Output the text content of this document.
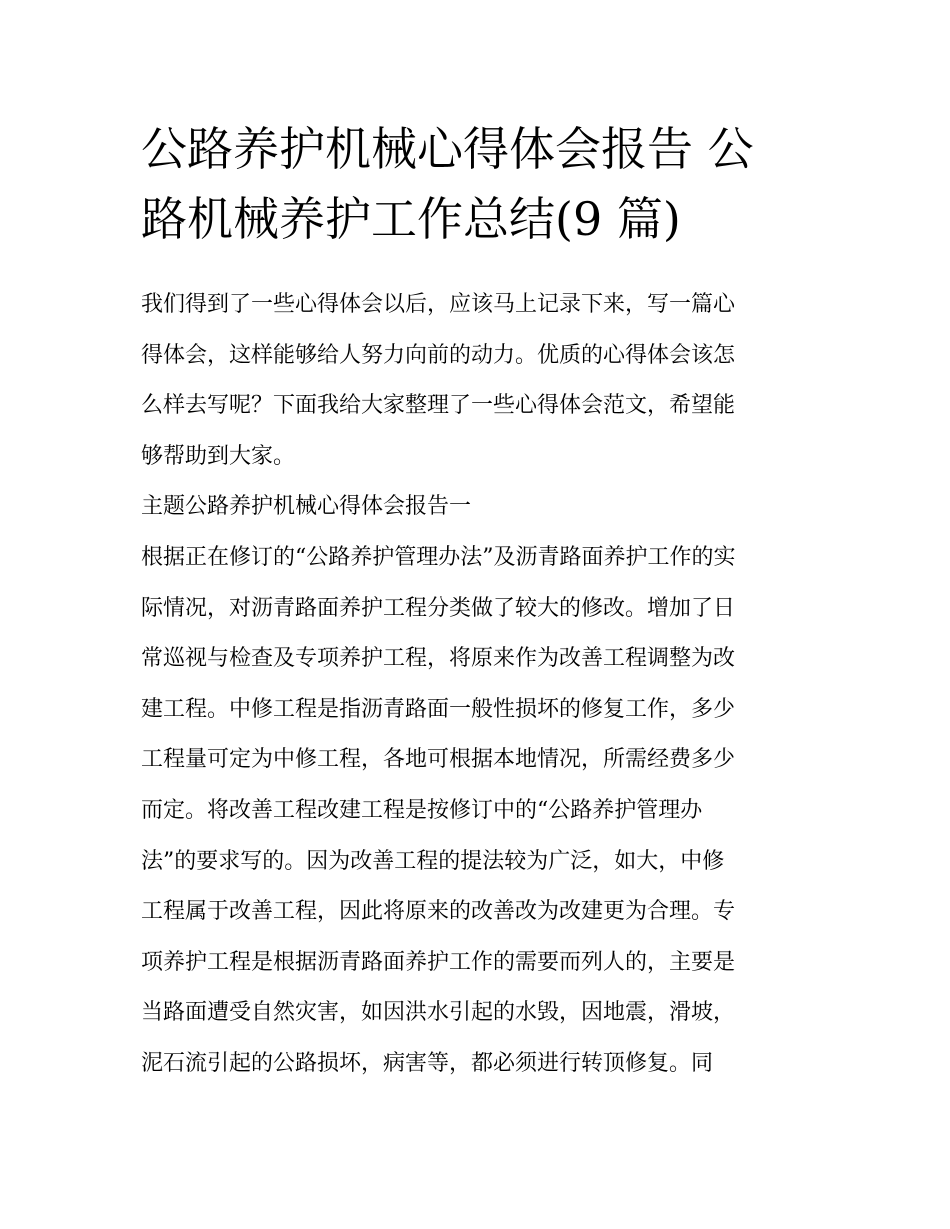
公路养护机械心得体会报告 公
路机械养护工作总结(9 篇)
我们得到了一些心得体会以后，应该马上记录下来，写一篇心
得体会，这样能够给人努力向前的动力。优质的心得体会该怎
么样去写呢？下面我给大家整理了一些心得体会范文，希望能
够帮助到大家。
主题公路养护机械心得体会报告一
根据正在修订的“公路养护管理办法”及沥青路面养护工作的实
际情况，对沥青路面养护工程分类做了较大的修改。增加了日
常巡视与检查及专项养护工程，将原来作为改善工程调整为改
建工程。中修工程是指沥青路面一般性损坏的修复工作，多少
工程量可定为中修工程，各地可根据本地情况，所需经费多少
而定。将改善工程改建工程是按修订中的“公路养护管理办
法”的要求写的。因为改善工程的提法较为广泛，如大，中修
工程属于改善工程，因此将原来的改善改为改建更为合理。专
项养护工程是根据沥青路面养护工作的需要而列人的，主要是
当路面遭受自然灾害，如因洪水引起的水毁，因地震，滑坡，
泥石流引起的公路损坏，病害等，都必须进行转顶修复。同
